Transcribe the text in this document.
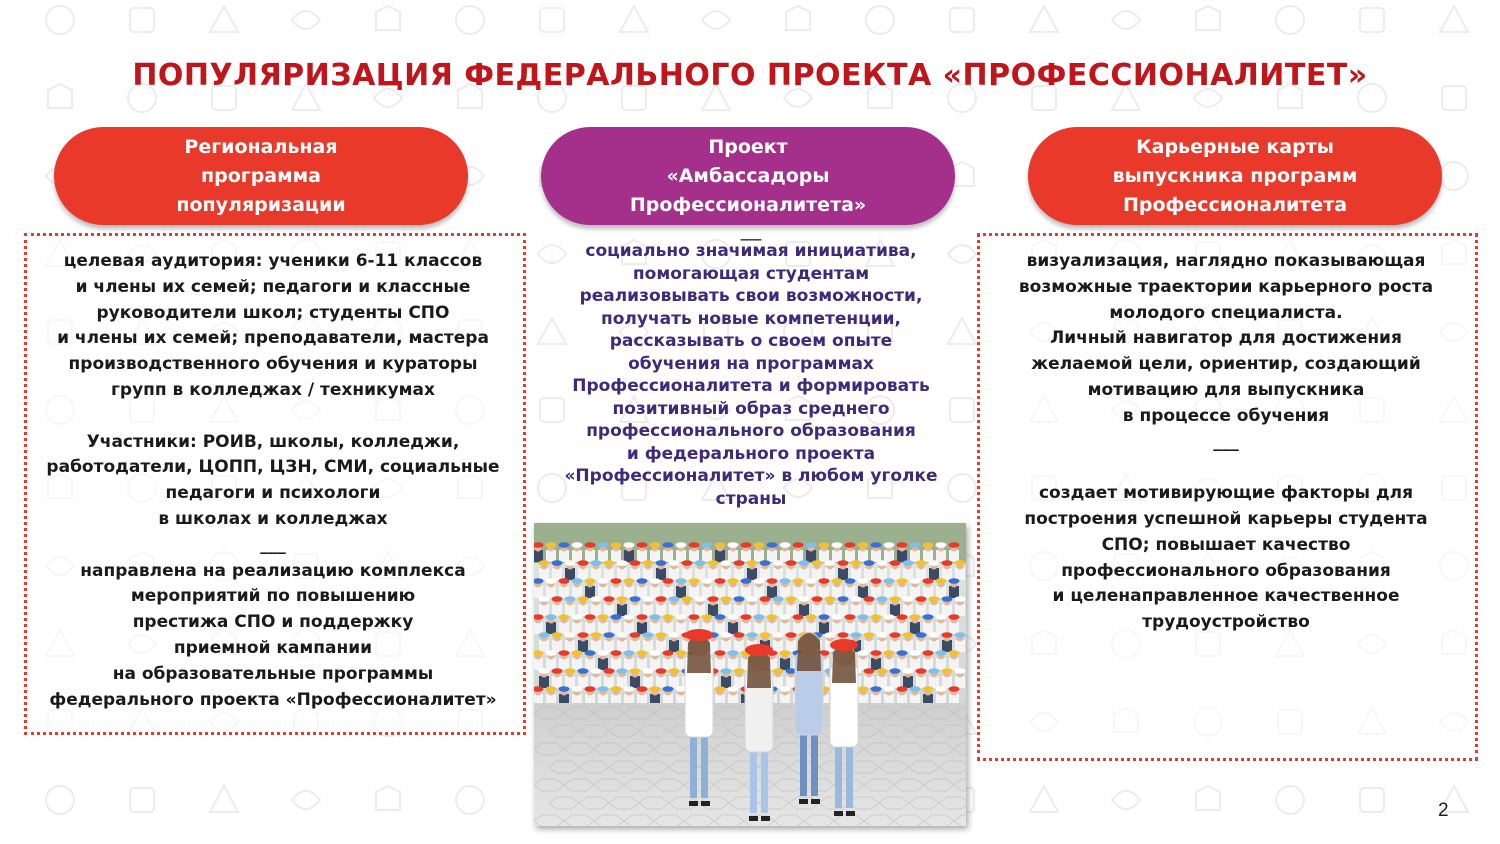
ПОПУЛЯРИЗАЦИЯ ФЕДЕРАЛЬНОГО ПРОЕКТА «ПРОФЕССИОНАЛИТЕТ»
Региональная
программа
популяризации
Проект
«Амбассадоры
Профессионалитета»
Карьерные карты
выпускника программ
Профессионалитета

целевая аудитория: ученики 6-11 классов

и члены их семей; педагоги и классные

руководители школ; студенты СПО

и члены их семей; преподаватели, мастера

производственного обучения и кураторы

групп в колледжах / техникумах

Участники: РОИВ, школы, колледжи,

работодатели, ЦОПП, ЦЗН, СМИ, социальные

педагоги и психологи

в школах и колледжах

___

направлена на реализацию комплекса

мероприятий по повышению

престижа СПО и поддержку

приемной кампании

на образовательные программы

федерального проекта «Профессионалитет»

___

социально значимая инициатива,

помогающая студентам

реализовывать свои возможности,

получать новые компетенции,

рассказывать о своем опыте

обучения на программах

Профессионалитета и формировать

позитивный образ среднего

профессионального образования

и федерального проекта

«Профессионалитет» в любом уголке

страны

визуализация, наглядно показывающая

возможные траектории карьерного роста

молодого специалиста.

Личный навигатор для достижения

желаемой цели, ориентир, создающий

мотивацию для выпускника

в процессе обучения

___

создает мотивирующие факторы для

построения успешной карьеры студента

СПО; повышает качество

профессионального образования

и целенаправленное качественное

трудоустройство

2
